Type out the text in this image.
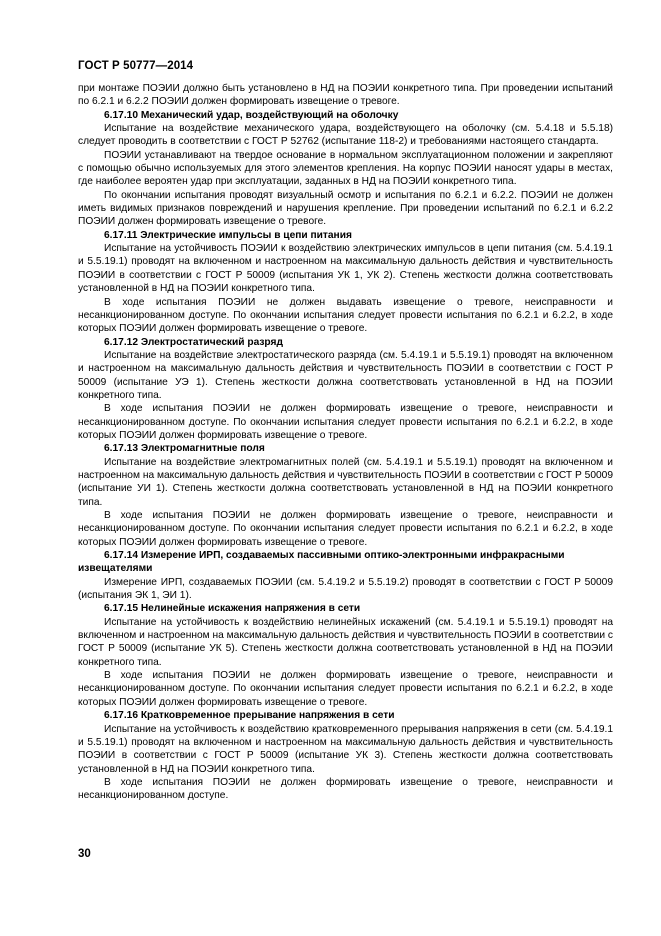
ГОСТ Р 50777—2014

при монтаже ПОЭИИ должно быть установлено в НД на ПОЭИИ конкретного типа. При проведении испытаний по 6.2.1 и 6.2.2 ПОЭИИ должен формировать извещение о тревоге.

6.17.10 Механический удар, воздействующий на оболочку

Испытание на воздействие механического удара, воздействующего на оболочку (см. 5.4.18 и 5.5.18) следует проводить в соответствии с ГОСТ Р 52762 (испытание 118-2) и требованиями настоящего стандарта.

ПОЭИИ устанавливают на твердое основание в нормальном эксплуатационном положении и закрепляют с помощью обычно используемых для этого элементов крепления. На корпус ПОЭИИ наносят удары в местах, где наиболее вероятен удар при эксплуатации, заданных в НД на ПОЭИИ конкретного типа.

По окончании испытания проводят визуальный осмотр и испытания по 6.2.1 и 6.2.2. ПОЭИИ не должен иметь видимых признаков повреждений и нарушения крепление. При проведении испытаний по 6.2.1 и 6.2.2 ПОЭИИ должен формировать извещение о тревоге.

6.17.11 Электрические импульсы в цепи питания

Испытание на устойчивость ПОЭИИ к воздействию электрических импульсов в цепи питания (см. 5.4.19.1 и 5.5.19.1) проводят на включенном и настроенном на максимальную дальность действия и чувствительность ПОЭИИ в соответствии с ГОСТ Р 50009 (испытания УК 1, УК 2). Степень жесткости должна соответствовать установленной в НД на ПОЭИИ конкретного типа.

В ходе испытания ПОЭИИ не должен выдавать извещение о тревоге, неисправности и несанкционированном доступе. По окончании испытания следует провести испытания по 6.2.1 и 6.2.2, в ходе которых ПОЭИИ должен формировать извещение о тревоге.

6.17.12 Электростатический разряд

Испытание на воздействие электростатического разряда (см. 5.4.19.1 и 5.5.19.1) проводят на включенном и настроенном на максимальную дальность действия и чувствительность ПОЭИИ в соответствии с ГОСТ Р 50009 (испытание УЭ 1). Степень жесткости должна соответствовать установленной в НД на ПОЭИИ конкретного типа.

В ходе испытания ПОЭИИ не должен формировать извещение о тревоге, неисправности и несанкционированном доступе. По окончании испытания следует провести испытания по 6.2.1 и 6.2.2, в ходе которых ПОЭИИ должен формировать извещение о тревоге.

6.17.13 Электромагнитные поля

Испытание на воздействие электромагнитных полей (см. 5.4.19.1 и 5.5.19.1) проводят на включенном и настроенном на максимальную дальность действия и чувствительность ПОЭИИ в соответствии с ГОСТ Р 50009 (испытание УИ 1). Степень жесткости должна соответствовать установленной в НД на ПОЭИИ конкретного типа.

В ходе испытания ПОЭИИ не должен формировать извещение о тревоге, неисправности и несанкционированном доступе. По окончании испытания следует провести испытания по 6.2.1 и 6.2.2, в ходе которых ПОЭИИ должен формировать извещение о тревоге.

6.17.14 Измерение ИРП, создаваемых пассивными оптико-электронными инфракрасными извещателями

Измерение ИРП, создаваемых ПОЭИИ (см. 5.4.19.2 и 5.5.19.2) проводят в соответствии с ГОСТ Р 50009 (испытания ЭК 1, ЭИ 1).

6.17.15 Нелинейные искажения напряжения в сети

Испытание на устойчивость к воздействию нелинейных искажений (см. 5.4.19.1 и 5.5.19.1) проводят на включенном и настроенном на максимальную дальность действия и чувствительность ПОЭИИ в соответствии с ГОСТ Р 50009 (испытание УК 5). Степень жесткости должна соответствовать установленной в НД на ПОЭИИ конкретного типа.

В ходе испытания ПОЭИИ не должен формировать извещение о тревоге, неисправности и несанкционированном доступе. По окончании испытания следует провести испытания по 6.2.1 и 6.2.2, в ходе которых ПОЭИИ должен формировать извещение о тревоге.

6.17.16 Кратковременное прерывание напряжения в сети

Испытание на устойчивость к воздействию кратковременного прерывания напряжения в сети (см. 5.4.19.1 и 5.5.19.1) проводят на включенном и настроенном на максимальную дальность действия и чувствительность ПОЭИИ в соответствии с ГОСТ Р 50009 (испытание УК 3). Степень жесткости должна соответствовать установленной в НД на ПОЭИИ конкретного типа.

В ходе испытания ПОЭИИ не должен формировать извещение о тревоге, неисправности и несанкционированном доступе.

30
